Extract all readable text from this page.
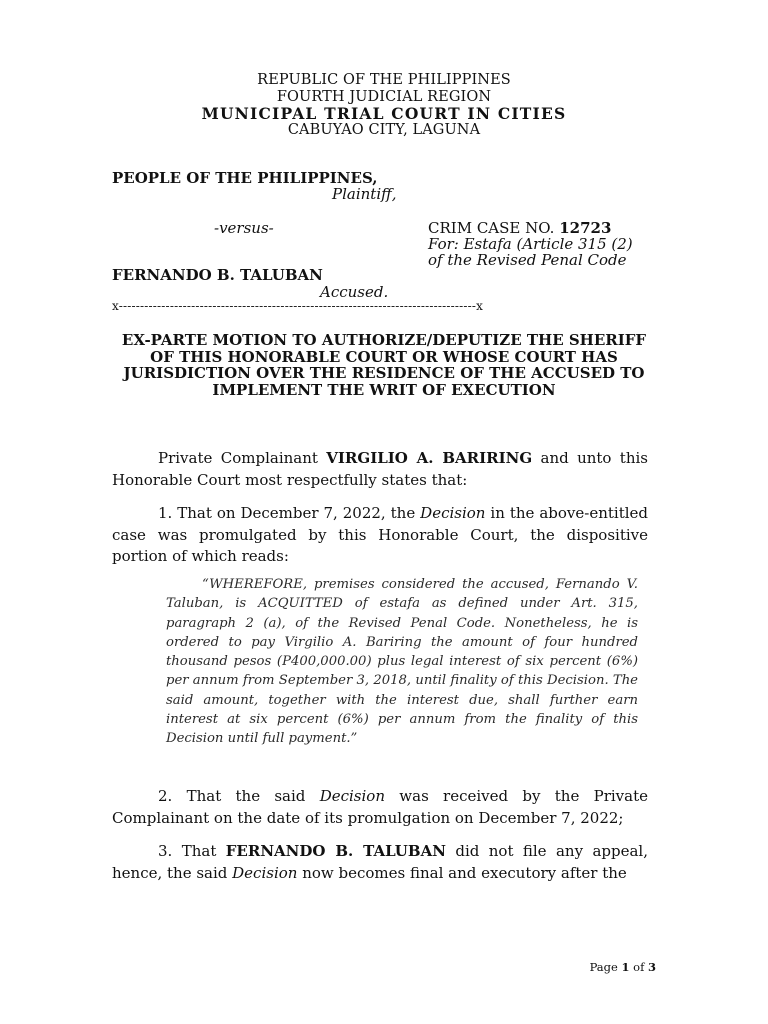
REPUBLIC OF THE PHILIPPINES
FOURTH JUDICIAL REGION
MUNICIPAL TRIAL COURT IN CITIES
CABUYAO CITY, LAGUNA
PEOPLE OF THE PHILIPPINES,
Plaintiff,
-versus-	CRIM CASE NO. 12723
For: Estafa (Article 315 (2)
of the Revised Penal Code
FERNANDO B. TALUBAN
Accused.
x------------------------------------------------------------------------------------x
EX-PARTE MOTION TO AUTHORIZE/DEPUTIZE THE SHERIFF OF THIS HONORABLE COURT OR WHOSE COURT HAS JURISDICTION OVER THE RESIDENCE OF THE ACCUSED TO IMPLEMENT THE WRIT OF EXECUTION
Private Complainant VIRGILIO A. BARIRING and unto this Honorable Court most respectfully states that:
1. That on December 7, 2022, the Decision in the above-entitled case was promulgated by this Honorable Court, the dispositive portion of which reads:
“WHEREFORE, premises considered the accused, Fernando V. Taluban, is ACQUITTED of estafa as defined under Art. 315, paragraph 2 (a), of the Revised Penal Code. Nonetheless, he is ordered to pay Virgilio A. Bariring the amount of four hundred thousand pesos (P400,000.00) plus legal interest of six percent (6%) per annum from September 3, 2018, until finality of this Decision. The said amount, together with the interest due, shall further earn interest at six percent (6%) per annum from the finality of this Decision until full payment.”
2. That the said Decision was received by the Private Complainant on the date of its promulgation on December 7, 2022;
3. That FERNANDO B. TALUBAN did not file any appeal, hence, the said Decision now becomes final and executory after the
Page 1 of 3
